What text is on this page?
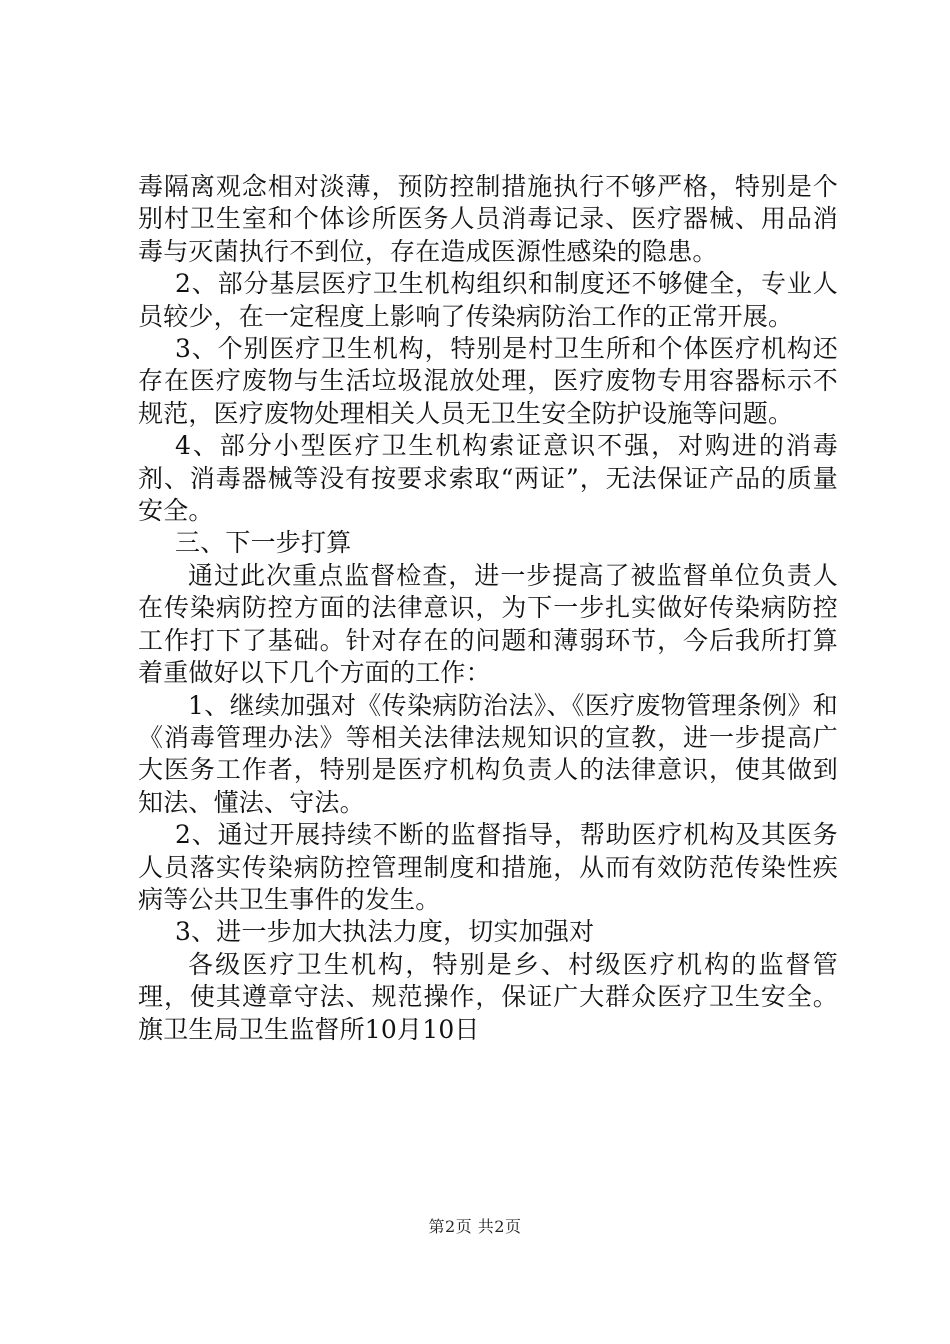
毒隔离观念相对淡薄，预防控制措施执行不够严格，特别是个别村卫生室和个体诊所医务人员消毒记录、医疗器械、用品消毒与灭菌执行不到位，存在造成医源性感染的隐患。

2、部分基层医疗卫生机构组织和制度还不够健全，专业人员较少，在一定程度上影响了传染病防治工作的正常开展。

3、个别医疗卫生机构，特别是村卫生所和个体医疗机构还存在医疗废物与生活垃圾混放处理，医疗废物专用容器标示不规范，医疗废物处理相关人员无卫生安全防护设施等问题。

4、部分小型医疗卫生机构索证意识不强，对购进的消毒剂、消毒器械等没有按要求索取“两证”，无法保证产品的质量安全。

三、下一步打算

通过此次重点监督检查，进一步提高了被监督单位负责人在传染病防控方面的法律意识，为下一步扎实做好传染病防控工作打下了基础。针对存在的问题和薄弱环节，今后我所打算着重做好以下几个方面的工作：

1、继续加强对《传染病防治法》、《医疗废物管理条例》和《消毒管理办法》等相关法律法规知识的宣教，进一步提高广大医务工作者，特别是医疗机构负责人的法律意识，使其做到知法、懂法、守法。

2、通过开展持续不断的监督指导，帮助医疗机构及其医务人员落实传染病防控管理制度和措施，从而有效防范传染性疾病等公共卫生事件的发生。

3、进一步加大执法力度，切实加强对

各级医疗卫生机构，特别是乡、村级医疗机构的监督管理，使其遵章守法、规范操作，保证广大群众医疗卫生安全。旗卫生局卫生监督所10月10日

第2页 共2页
